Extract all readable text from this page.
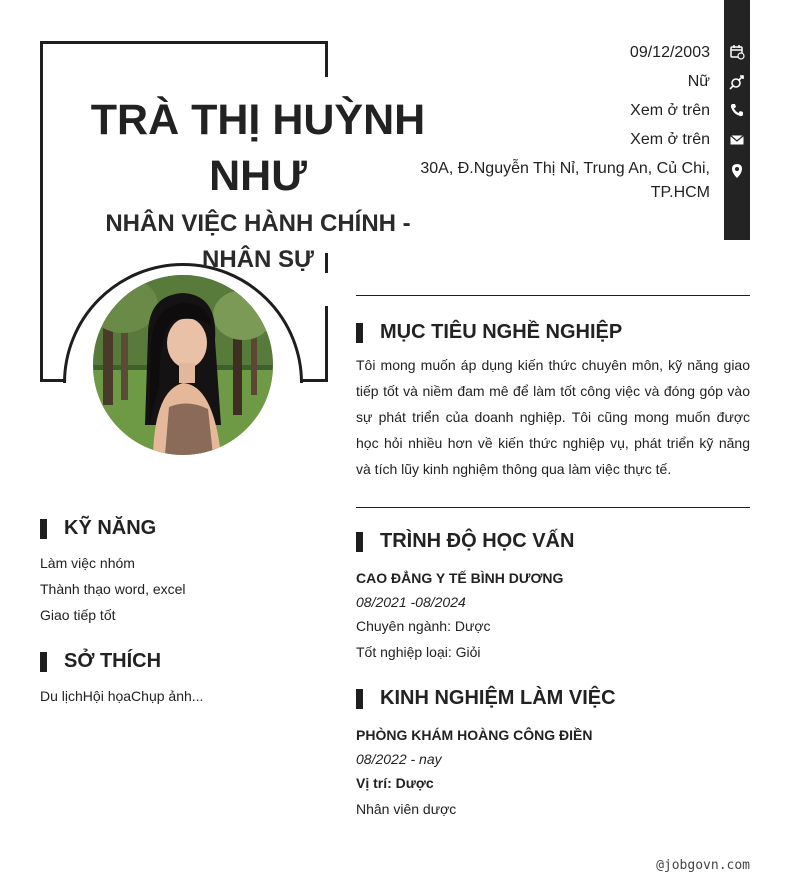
TRÀ THỊ HUỲNH NHƯ
NHÂN VIỆC HÀNH CHÍNH - NHÂN SỰ
09/12/2003
Nữ
Xem ở trên
Xem ở trên
30A, Đ.Nguyễn Thị Nỉ, Trung An, Củ Chi, TP.HCM
MỤC TIÊU NGHỀ NGHIỆP
Tôi mong muốn áp dụng kiến thức chuyên môn, kỹ năng giao tiếp tốt và niềm đam mê để làm tốt công việc và đóng góp vào sự phát triển của doanh nghiệp. Tôi cũng mong muốn được học hỏi nhiều hơn về kiến thức nghiệp vụ, phát triển kỹ năng và tích lũy kinh nghiệm thông qua làm việc thực tế.
KỸ NĂNG
Làm việc nhóm
Thành thạo word, excel
Giao tiếp tốt
SỞ THÍCH
Du lịchHội họaChụp ảnh...
TRÌNH ĐỘ HỌC VẤN
CAO ĐẲNG Y TẾ BÌNH DƯƠNG
08/2021 -08/2024
Chuyên ngành: Dược
Tốt nghiệp loại: Giỏi
KINH NGHIỆM LÀM VIỆC
PHÒNG KHÁM HOÀNG CÔNG ĐIỀN
08/2022 - nay
Vị trí: Dược
Nhân viên dược
@jobgovn.com
